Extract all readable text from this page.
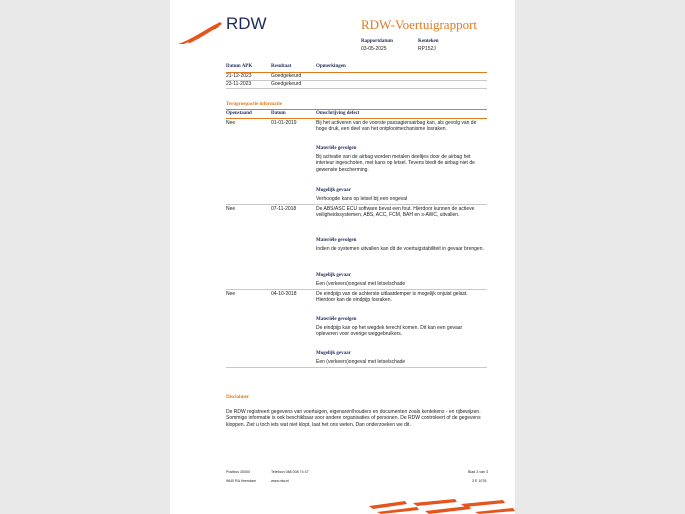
RDW	RDW-Voertuigrapport
Rapportdatum
03-05-2025
Kenteken
RP152J
Datum APK	Resultaat	Opmerkingen
21-12-2023	Goedgekeurd
23-11-2023	Goedgekeurd
Terugroepactie informatie
Openstaand	Datum	Omschrijving defect
Nee	01-01-2019	Bij het activeren van de voorste passagiersairbag kan, als gevolg van de hoge druk, een deel van het ontplooimechanisme losraken.
Materiële gevolgen
Bij activatie van de airbag worden metalen deeltjes door de airbag het interieur ingeschoten, met kans op letsel. Tevens biedt de airbag niet de gewenste bescherming.
Mogelijk gevaar
Verhoogde kans op letsel bij een ongeval
Nee	07-11-2018	De ABS/ASC ECU software bevat een fout. Hierdoor kunnen de actieve veiligheidssystemen, ABS, ACC, FCM, BAH en s-AWC, uitvallen.
Materiële gevolgen
Indien de systemen uitvallen kan dit de voertuigstabiliteit in gevaar brengen.
Mogelijk gevaar
Een (verkeers)ongeval met letselschade
Nee	04-10-2018	De eindpijp van de achterste uitlaatdemper is mogelijk onjuist gelast. Hierdoor kan de eindpijp losraken.
Materiële gevolgen
De eindpijp kan op het wegdek terecht komen. Dit kan een gevaar opleveren voor overige weggebruikers.
Mogelijk gevaar
Een (verkeers)ongeval met letselschade
Disclaimer
De RDW registreert gegevens van voertuigen, eigenaren/houders en documenten zoals kentekens - en rijbewijzen. Sommige informatie is ook beschikbaar voor andere organisaties of personen. De RDW controleert of de gegevens kloppen. Ziet u toch iets wat niet klopt, laat het ons weten. Dan onderzoeken we dit.
Postbus 30000
9640 RA Veendam
Telefoon 088 008 74 47
www.rdw.nl
Blad 3 van 3
3 E 1078
